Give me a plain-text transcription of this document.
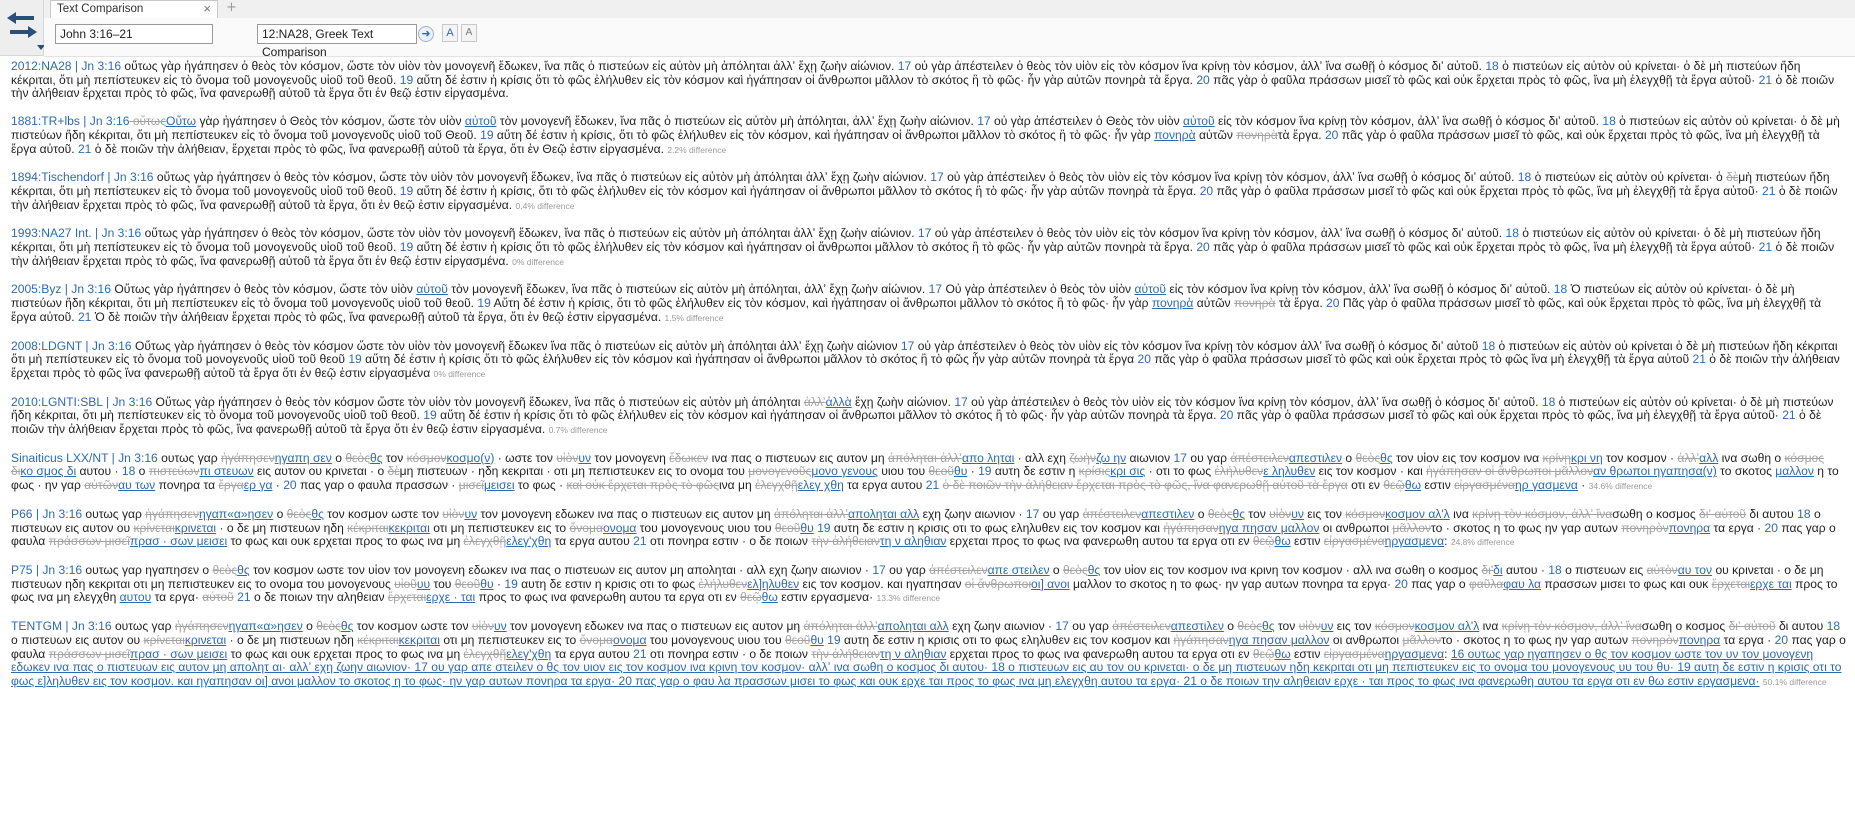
Text Comparison	× +
John 3:16–21	12:NA28, Greek Text Comparison
➜	A	A
2012:NA28 | Jn 3:16 οὕτως γὰρ ἠγάπησεν ὁ θεὸς τὸν κόσμον, ὥστε τὸν υἱὸν τὸν μονογενῆ ἔδωκεν, ἵνα πᾶς ὁ πιστεύων εἰς αὐτὸν μὴ ἀπόληται ἀλλʼ ἔχῃ ζωὴν αἰώνιον. 17 οὐ γὰρ ἀπέστειλεν ὁ θεὸς τὸν υἱὸν εἰς τὸν κόσμον ἵνα κρίνῃ τὸν κόσμον, ἀλλʼ ἵνα σωθῇ ὁ κόσμος διʼ αὐτοῦ. 18 ὁ πιστεύων εἰς αὐτὸν οὐ κρίνεται· ὁ δὲ μὴ πιστεύων ἤδη κέκριται, ὅτι μὴ πεπίστευκεν εἰς τὸ ὄνομα τοῦ μονογενοῦς υἱοῦ τοῦ θεοῦ. 19 αὕτη δέ ἐστιν ἡ κρίσις ὅτι τὸ φῶς ἐλήλυθεν εἰς τὸν κόσμον καὶ ἠγάπησαν οἱ ἄνθρωποι μᾶλλον τὸ σκότος ἢ τὸ φῶς· ἦν γὰρ αὐτῶν πονηρὰ τὰ ἔργα. 20 πᾶς γὰρ ὁ φαῦλα πράσσων μισεῖ τὸ φῶς καὶ οὐκ ἔρχεται πρὸς τὸ φῶς, ἵνα μὴ ἐλεγχθῇ τὰ ἔργα αὐτοῦ· 21 ὁ δὲ ποιῶν τὴν ἀλήθειαν ἔρχεται πρὸς τὸ φῶς, ἵνα φανερωθῇ αὐτοῦ τὰ ἔργα ὅτι ἐν θεῷ ἐστιν εἰργασμένα.
1881:TR+lbs | Jn 3:16 οὕτωςΟὕτω γὰρ ἠγάπησεν ὁ Θεὸς τὸν κόσμον, ὥστε τὸν υἱὸν αὐτοῦ τὸν μονογενῆ ἔδωκεν, ἵνα πᾶς ὁ πιστεύων εἰς αὐτὸν μὴ ἀπόληται, ἀλλʼ ἔχῃ ζωὴν αἰώνιον. 17 οὐ γὰρ ἀπέστειλεν ὁ Θεὸς τὸν υἱὸν αὐτοῦ εἰς τὸν κόσμον ἵνα κρίνῃ τὸν κόσμον, ἀλλʼ ἵνα σωθῇ ὁ κόσμος διʼ αὐτοῦ. 18 ὁ πιστεύων εἰς αὐτὸν οὐ κρίνεται· ὁ δὲ μὴ πιστεύων ἤδη κέκριται, ὅτι μὴ πεπίστευκεν εἰς τὸ ὄνομα τοῦ μονογενοῦς υἱοῦ τοῦ Θεοῦ. 19 αὕτη δέ ἐστιν ἡ κρίσις, ὅτι τὸ φῶς ἐλήλυθεν εἰς τὸν κόσμον, καὶ ἠγάπησαν οἱ ἄνθρωποι μᾶλλον τὸ σκότος ἢ τὸ φῶς· ἦν γὰρ πονηρὰ αὐτῶν πονηρὰτὰ ἔργα. 20 πᾶς γὰρ ὁ φαῦλα πράσσων μισεῖ τὸ φῶς, καὶ οὐκ ἔρχεται πρὸς τὸ φῶς, ἵνα μὴ ἐλεγχθῇ τὰ ἔργα αὐτοῦ. 21 ὁ δὲ ποιῶν τὴν ἀλήθειαν, ἔρχεται πρὸς τὸ φῶς, ἵνα φανερωθῇ αὐτοῦ τὰ ἔργα, ὅτι ἐν Θεῷ ἐστιν εἰργασμένα. 2.2% difference
1894:Tischendorf | Jn 3:16 οὕτως γὰρ ἠγάπησεν ὁ θεὸς τὸν κόσμον, ὥστε τὸν υἱὸν τὸν μονογενῆ ἔδωκεν, ἵνα πᾶς ὁ πιστεύων εἰς αὐτὸν μὴ ἀπόληται ἀλλʼ ἔχῃ ζωὴν αἰώνιον. 17 οὐ γὰρ ἀπέστειλεν ὁ θεὸς τὸν υἱὸν εἰς τὸν κόσμον ἵνα κρίνῃ τὸν κόσμον, ἀλλʼ ἵνα σωθῇ ὁ κόσμος διʼ αὐτοῦ. 18 ὁ πιστεύων εἰς αὐτὸν οὐ κρίνεται· ὁ δὲμὴ πιστεύων ἤδη κέκριται, ὅτι μὴ πεπίστευκεν εἰς τὸ ὄνομα τοῦ μονογενοῦς υἱοῦ τοῦ θεοῦ. 19 αὕτη δέ ἐστιν ἡ κρίσις, ὅτι τὸ φῶς ἐλήλυθεν εἰς τὸν κόσμον καὶ ἠγάπησαν οἱ ἄνθρωποι μᾶλλον τὸ σκότος ἢ τὸ φῶς· ἦν γὰρ αὐτῶν πονηρὰ τὰ ἔργα. 20 πᾶς γὰρ ὁ φαῦλα πράσσων μισεῖ τὸ φῶς καὶ οὐκ ἔρχεται πρὸς τὸ φῶς, ἵνα μὴ ἐλεγχθῇ τὰ ἔργα αὐτοῦ· 21 ὁ δὲ ποιῶν τὴν ἀλήθειαν ἔρχεται πρὸς τὸ φῶς, ἵνα φανερωθῇ αὐτοῦ τὰ ἔργα, ὅτι ἐν θεῷ ἐστιν εἰργασμένα. 0.4% difference
1993:NA27 Int. | Jn 3:16 οὕτως γὰρ ἠγάπησεν ὁ θεὸς τὸν κόσμον, ὥστε τὸν υἱὸν τὸν μονογενῆ ἔδωκεν, ἵνα πᾶς ὁ πιστεύων εἰς αὐτὸν μὴ ἀπόληται ἀλλʼ ἔχῃ ζωὴν αἰώνιον. 17 οὐ γὰρ ἀπέστειλεν ὁ θεὸς τὸν υἱὸν εἰς τὸν κόσμον ἵνα κρίνῃ τὸν κόσμον, ἀλλʼ ἵνα σωθῇ ὁ κόσμος διʼ αὐτοῦ. 18 ὁ πιστεύων εἰς αὐτὸν οὐ κρίνεται· ὁ δὲ μὴ πιστεύων ἤδη κέκριται, ὅτι μὴ πεπίστευκεν εἰς τὸ ὄνομα τοῦ μονογενοῦς υἱοῦ τοῦ θεοῦ. 19 αὕτη δέ ἐστιν ἡ κρίσις ὅτι τὸ φῶς ἐλήλυθεν εἰς τὸν κόσμον καὶ ἠγάπησαν οἱ ἄνθρωποι μᾶλλον τὸ σκότος ἢ τὸ φῶς· ἦν γὰρ αὐτῶν πονηρὰ τὰ ἔργα. 20 πᾶς γὰρ ὁ φαῦλα πράσσων μισεῖ τὸ φῶς καὶ οὐκ ἔρχεται πρὸς τὸ φῶς, ἵνα μὴ ἐλεγχθῇ τὰ ἔργα αὐτοῦ· 21 ὁ δὲ ποιῶν τὴν ἀλήθειαν ἔρχεται πρὸς τὸ φῶς, ἵνα φανερωθῇ αὐτοῦ τὰ ἔργα ὅτι ἐν θεῷ ἐστιν εἰργασμένα. 0% difference
2005:Byz | Jn 3:16 Οὕτως γὰρ ἠγάπησεν ὁ θεὸς τὸν κόσμον, ὥστε τὸν υἱὸν αὐτοῦ τὸν μονογενῆ ἔδωκεν, ἵνα πᾶς ὁ πιστεύων εἰς αὐτὸν μὴ ἀπόληται, ἀλλʼ ἔχῃ ζωὴν αἰώνιον. 17 Οὐ γὰρ ἀπέστειλεν ὁ θεὸς τὸν υἱὸν αὐτοῦ εἰς τὸν κόσμον ἵνα κρίνῃ τὸν κόσμον, ἀλλʼ ἵνα σωθῇ ὁ κόσμος διʼ αὐτοῦ. 18 Ὁ πιστεύων εἰς αὐτὸν οὐ κρίνεται· ὁ δὲ μὴ πιστεύων ἤδη κέκριται, ὅτι μὴ πεπίστευκεν εἰς τὸ ὄνομα τοῦ μονογενοῦς υἱοῦ τοῦ θεοῦ. 19 Αὕτη δέ ἐστιν ἡ κρίσις, ὅτι τὸ φῶς ἐλήλυθεν εἰς τὸν κόσμον, καὶ ἠγάπησαν οἱ ἄνθρωποι μᾶλλον τὸ σκότος ἢ τὸ φῶς· ἦν γὰρ πονηρὰ αὐτῶν πονηρὰ τὰ ἔργα. 20 Πᾶς γὰρ ὁ φαῦλα πράσσων μισεῖ τὸ φῶς, καὶ οὐκ ἔρχεται πρὸς τὸ φῶς, ἵνα μὴ ἐλεγχθῇ τὰ ἔργα αὐτοῦ. 21 Ὁ δὲ ποιῶν τὴν ἀλήθειαν ἔρχεται πρὸς τὸ φῶς, ἵνα φανερωθῇ αὐτοῦ τὰ ἔργα, ὅτι ἐν θεῷ ἐστιν εἰργασμένα. 1.5% difference
2008:LDGNT | Jn 3:16 Οὕτως γὰρ ἠγάπησεν ὁ θεὸς τὸν κόσμον ὥστε τὸν υἱὸν τὸν μονογενῆ ἔδωκεν ἵνα πᾶς ὁ πιστεύων εἰς αὐτὸν μὴ ἀπόληται ἀλλʼ ἔχῃ ζωὴν αἰώνιον 17 οὐ γὰρ ἀπέστειλεν ὁ θεὸς τὸν υἱὸν εἰς τὸν κόσμον ἵνα κρίνῃ τὸν κόσμον ἀλλʼ ἵνα σωθῇ ὁ κόσμος διʼ αὐτοῦ 18 ὁ πιστεύων εἰς αὐτὸν οὐ κρίνεται ὁ δὲ μὴ πιστεύων ἤδη κέκριται ὅτι μὴ πεπίστευκεν εἰς τὸ ὄνομα τοῦ μονογενοῦς υἱοῦ τοῦ θεοῦ 19 αὕτη δέ ἐστιν ἡ κρίσις ὅτι τὸ φῶς ἐλήλυθεν εἰς τὸν κόσμον καὶ ἠγάπησαν οἱ ἄνθρωποι μᾶλλον τὸ σκότος ἢ τὸ φῶς ἦν γὰρ αὐτῶν πονηρὰ τὰ ἔργα 20 πᾶς γὰρ ὁ φαῦλα πράσσων μισεῖ τὸ φῶς καὶ οὐκ ἔρχεται πρὸς τὸ φῶς ἵνα μὴ ἐλεγχθῇ τὰ ἔργα αὐτοῦ 21 ὁ δὲ ποιῶν τὴν ἀλήθειαν ἔρχεται πρὸς τὸ φῶς ἵνα φανερωθῇ αὐτοῦ τὰ ἔργα ὅτι ἐν θεῷ ἐστιν εἰργασμένα 0% difference
2010:LGNTI:SBL | Jn 3:16 Οὕτως γὰρ ἠγάπησεν ὁ θεὸς τὸν κόσμον ὥστε τὸν υἱὸν τὸν μονογενῆ ἔδωκεν, ἵνα πᾶς ὁ πιστεύων εἰς αὐτὸν μὴ ἀπόληται ἀλλʼἀλλὰ ἔχῃ ζωὴν αἰώνιον. 17 οὐ γὰρ ἀπέστειλεν ὁ θεὸς τὸν υἱὸν εἰς τὸν κόσμον ἵνα κρίνῃ τὸν κόσμον, ἀλλʼ ἵνα σωθῇ ὁ κόσμος διʼ αὐτοῦ. 18 ὁ πιστεύων εἰς αὐτὸν οὐ κρίνεται· ὁ δὲ μὴ πιστεύων ἤδη κέκριται, ὅτι μὴ πεπίστευκεν εἰς τὸ ὄνομα τοῦ μονογενοῦς υἱοῦ τοῦ θεοῦ. 19 αὕτη δέ ἐστιν ἡ κρίσις ὅτι τὸ φῶς ἐλήλυθεν εἰς τὸν κόσμον καὶ ἠγάπησαν οἱ ἄνθρωποι μᾶλλον τὸ σκότος ἢ τὸ φῶς· ἦν γὰρ αὐτῶν πονηρὰ τὰ ἔργα. 20 πᾶς γὰρ ὁ φαῦλα πράσσων μισεῖ τὸ φῶς καὶ οὐκ ἔρχεται πρὸς τὸ φῶς, ἵνα μὴ ἐλεγχθῇ τὰ ἔργα αὐτοῦ· 21 ὁ δὲ ποιῶν τὴν ἀλήθειαν ἔρχεται πρὸς τὸ φῶς, ἵνα φανερωθῇ αὐτοῦ τὰ ἔργα ὅτι ἐν θεῷ ἐστιν εἰργασμένα. 0.7% difference
Sinaiticus LXX/NT | Jn 3:16 ουτως γαρ ἠγάπησενηγαπη σεν ο θεὸςθς τον κόσμονκοσμο(ν) · ωστε τον υἱὸνυν τον μονογενη ἔδωκεν ινα πας ο πιστευων εις αυτον μη ἀπόληται ἀλλʼαπο ληται · αλλ εχη ζωὴνζω ην αιωνιον 17 ου γαρ ἀπέστειλεναπεστιλεν ο θεὸςθς τον υἱον εις τον κοσμον ινα κρίνῃκρι νη τον κοσμον · ἀλλʼαλλ ινα σωθη ο κόσμος δικο σμος δι αυτου · 18 ο πιστεύωνπι στευων εις αυτον ου κρινεται · ο δὲμη πιστευων · ηδη κεκριται · οτι μη πεπιστευκεν εις το ονομα του μονογενοῦςμονο γενους υιου του θεοῦθυ · 19 αυτη δε εστιν η κρίσιςκρι σις · οτι το φως ἐλήλυθενε ληλυθεν εις τον κοσμον · και ἠγάπησαν οἱ ἄνθρωποι μᾶλλοναν θρωποι ηγαπησα(ν) το σκοτος μαλλον η το φως · ην γαρ αὐτῶναυ των πονηρα τα ἔργαερ γα · 20 πας γαρ ο φαυλα πρασσων · μισεῖμεισει το φως · καὶ οὐκ ἔρχεται πρὸς τὸ φῶςινα μη ἐλεγχθῇελεγ χθη τα εργα αυτου 21 ὁ δὲ ποιῶν τὴν ἀλήθειαν ἔρχεται πρὸς τὸ φῶς, ἵνα φανερωθῇ αὐτοῦ τὰ ἔργα οτι εν θεῷθω εστιν εἰργασμέναηρ γασμενα · 34.6% difference
P66 | Jn 3:16 ουτως γαρ ἠγάπησενηγαπ«α»ησεν ο θεὸςθς τον κοσμον ωστε τον υἱὸνυν τον μονογενη εδωκεν ινα πας ο πιστευων εις αυτον μη ἀπόληται ἀλλʼαποληται αλλ εχη ζωην αιωνιον · 17 ου γαρ ἀπέστειλεναπεστιλεν ο θεὸςθς τον υἱὸνυν εις τον κόσμονκοσμον αλ'λ ινα κρίνῃ τὸν κόσμον, ἀλλʼ ἵνασωθη ο κοσμος διʼ αὐτοῦ δι αυτου 18 ο πιστευων εις αυτον ου κρίνεταικρινεται · ο δε μη πιστευων ηδη κέκριταικεκριται οτι μη πεπιστευκεν εις το ὄνομαονομα του μονογενους υιου του θεοῦθυ 19 αυτη δε εστιν η κρισις οτι το φως εληλυθεν εις τον κοσμον και ἠγάπησανηγα πησαν μαλλον οι ανθρωποι μᾶλλοντο · σκοτος η το φως ην γαρ αυτων πονηρὸνπονηρα τα εργα · 20 πας γαρ ο φαυλα πράσσων μισεῖπρασ · σων μεισει το φως και ουκ ερχεται προς το φως ινα μη ἐλεγχθῇελεγ'χθη τα εργα αυτου 21 οτι πονηρα εστιν · ο δε ποιων τὴν ἀλήθειαντη ν αληθιαν ερχεται προς το φως ινα φανερωθη αυτου τα εργα οτι εν θεῷθω εστιν εἰργασμέναηργασμενα: 24.8% difference
P75 | Jn 3:16 ουτως γαρ ηγαπησεν ο θεὸςθς τον κοσμον ωστε τον υἱον τον μονογενη εδωκεν ινα πας ο πιστευων εις αυτον μη αποληται · αλλ εχη ζωην αιωνιον · 17 ου γαρ ἀπέστειλεναπε στειλεν ο θεὸςθς τον υἱον εις τον κοσμον ινα κρινη τον κοσμον · αλλ ινα σωθη ο κοσμος δι'δι αυτου · 18 ο πιστευων εις αὐτὸναυ τον ου κρινεται · ο δε μη πιστευων ηδη κεκριται οτι μη πεπιστευκεν εις το ονομα του μονογενους υἱοῦυυ του θεοῦθυ · 19 αυτη δε εστιν η κρισις οτι το φως ἐλήλυθενελ]ηλυθεν εις τον κοσμον. και ηγαπησαν οἱ ἄνθρωποιοι] ανοι μαλλον το σκοτος η το φως· ην γαρ αυτων πονηρα τα εργα· 20 πας γαρ ο φαῦλαφαυ λα πρασσων μισει το φως και ουκ ἔρχεταιερχε ται προς το φως ινα μη ελεγχθη αυτου τα εργα· αὐτοῦ 21 ο δε ποιων την αληθειαν ἔρχεταιερχε · ται προς το φως ινα φανερωθη αυτου τα εργα οτι εν θεῷθω εστιν εργασμενα· 13.3% difference
TENTGM | Jn 3:16 ουτως γαρ ἠγάπησενηγαπ«α»ησεν ο θεὸςθς τον κοσμον ωστε τον υἱὸνυν τον μονογενη εδωκεν ινα πας ο πιστευων εις αυτον μη ἀπόληται ἀλλʼαποληται αλλ εχη ζωην αιωνιον · 17 ου γαρ ἀπέστειλεναπεστιλεν ο θεὸςθς τον υἱὸνυν εις τον κόσμονκοσμον αλ'λ ινα κρίνῃ τὸν κόσμον, ἀλλʼ ἵνασωθη ο κοσμος διʼ αὐτοῦ δι αυτου 18 ο πιστευων εις αυτον ου κρίνεταικρινεται · ο δε μη πιστευων ηδη κέκριταικεκριται οτι μη πεπιστευκεν εις το ὄνομαονομα του μονογενους υιου του θεοῦθυ 19 αυτη δε εστιν η κρισις οτι το φως εληλυθεν εις τον κοσμον και ἠγάπησανηγα πησαν μαλλον οι ανθρωποι μᾶλλοντο · σκοτος η το φως ην γαρ αυτων πονηρὸνπονηρα τα εργα · 20 πας γαρ ο φαυλα πράσσων μισεῖπρασ · σων μεισει το φως και ουκ ερχεται προς το φως ινα μη ἐλεγχθῇελεγ'χθη τα εργα αυτου 21 οτι πονηρα εστιν · ο δε ποιων τὴν ἀλήθειαντη ν αληθιαν ερχεται προς το φως ινα φανερωθη αυτου τα εργα οτι εν θεῷθω εστιν εἰργασμέναηργασμενα: 16 ουτως γαρ ηγαπησεν ο θς τον κοσμον ωστε τον υν τον μονογενη εδωκεν ινα πας ο πιστευων εις αυτον μη απολητ αι· αλλʼ εχη ζωην αιωνιον· 17 ου γαρ απε στειλεν ο θς τον υιον εις τον κοσμον ινα κρινη τον κοσμον· αλλʼ ινα σωθη ο κοσμος δι αυτου· 18 ο πιστευων εις αυ τον ου κρινεται· ο δε μη πιστευων ηδη κεκριται οτι μη πεπιστευκεν εις το ονομα του μονογενους υυ του θυ· 19 αυτη δε εστιν η κρισις οτι το φως ε]ληλυθεν εις τον κοσμον. και ηγαπησαν οι] ανοι μαλλον το σκοτος η το φως· ην γαρ αυτων πονηρα τα εργα· 20 πας γαρ ο φαυ λα πρασσων μισει το φως και ουκ ερχε ται προς το φως ινα μη ελεγχθη αυτου τα εργα· 21 ο δε ποιων την αληθειαν ερχε · ται προς το φως ινα φανερωθη αυτου τα εργα οτι εν θω εστιν εργασμενα· 50.1% difference
